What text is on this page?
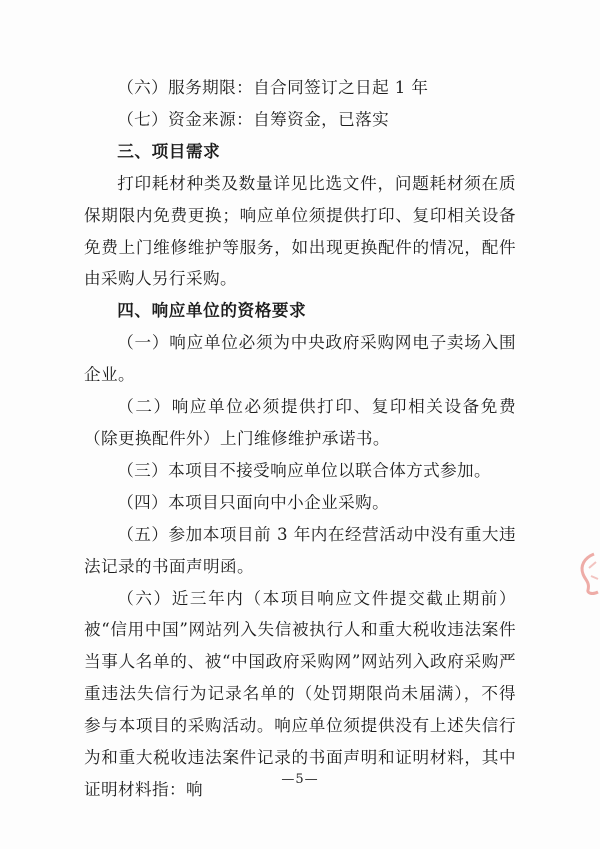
（六）服务期限：自合同签订之日起 1 年

（七）资金来源：自筹资金，已落实

三、项目需求

打印耗材种类及数量详见比选文件，问题耗材须在质保期限内免费更换；响应单位须提供打印、复印相关设备免费上门维修维护等服务，如出现更换配件的情况，配件由采购人另行采购。

四、响应单位的资格要求

（一）响应单位必须为中央政府采购网电子卖场入围企业。

（二）响应单位必须提供打印、复印相关设备免费（除更换配件外）上门维修维护承诺书。

（三）本项目不接受响应单位以联合体方式参加。

（四）本项目只面向中小企业采购。

（五）参加本项目前 3 年内在经营活动中没有重大违法记录的书面声明函。

（六）近三年内（本项目响应文件提交截止期前）被“信用中国”网站列入失信被执行人和重大税收违法案件当事人名单的、被“中国政府采购网”网站列入政府采购严重违法失信行为记录名单的（处罚期限尚未届满），不得参与本项目的采购活动。响应单位须提供没有上述失信行为和重大税收违法案件记录的书面声明和证明材料，其中证明材料指：响

—5—
